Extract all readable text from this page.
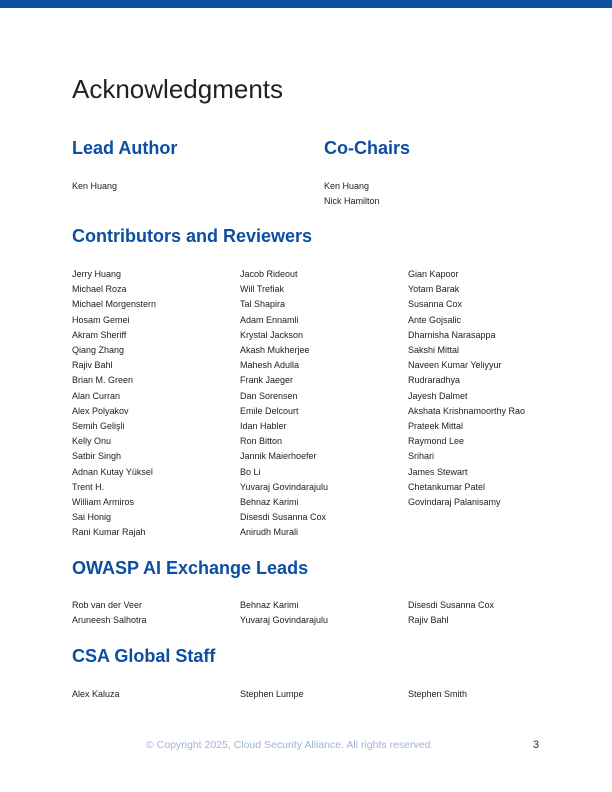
Acknowledgments
Lead Author
Ken Huang
Co-Chairs
Ken Huang
Nick Hamilton
Contributors and Reviewers
Jerry Huang
Michael Roza
Michael Morgenstern
Hosam Gemei
Akram Sheriff
Qiang Zhang
Rajiv Bahl
Brian M. Green
Alan Curran
Alex Polyakov
Semih Gelişli
Kelly Onu
Satbir Singh
Adnan Kutay Yüksel
Trent H.
William Armiros
Sai Honig
Rani Kumar Rajah
Jacob Rideout
Will Trefiak
Tal Shapira
Adam Ennamli
Krystal Jackson
Akash Mukherjee
Mahesh Adulla
Frank Jaeger
Dan Sorensen
Emile Delcourt
Idan Habler
Ron Bitton
Jannik Maierhoefer
Bo Li
Yuvaraj Govindarajulu
Behnaz Karimi
Disesdi Susanna Cox
Anirudh Murali
Gian Kapoor
Yotam Barak
Susanna Cox
Ante Gojsalic
Dharnisha Narasappa
Sakshi Mittal
Naveen Kumar Yeliyyur
Rudraradhya
Jayesh Dalmet
Akshata Krishnamoorthy Rao
Prateek Mittal
Raymond Lee
Srihari
James Stewart
Chetankumar Patel
Govindaraj Palanisamy
OWASP AI Exchange Leads
Rob van der Veer
Aruneesh Salhotra
Behnaz Karimi
Yuvaraj Govindarajulu
Disesdi Susanna Cox
Rajiv Bahl
CSA Global Staff
Alex Kaluza	Stephen Lumpe	Stephen Smith
© Copyright 2025, Cloud Security Alliance. All rights reserved.	3
